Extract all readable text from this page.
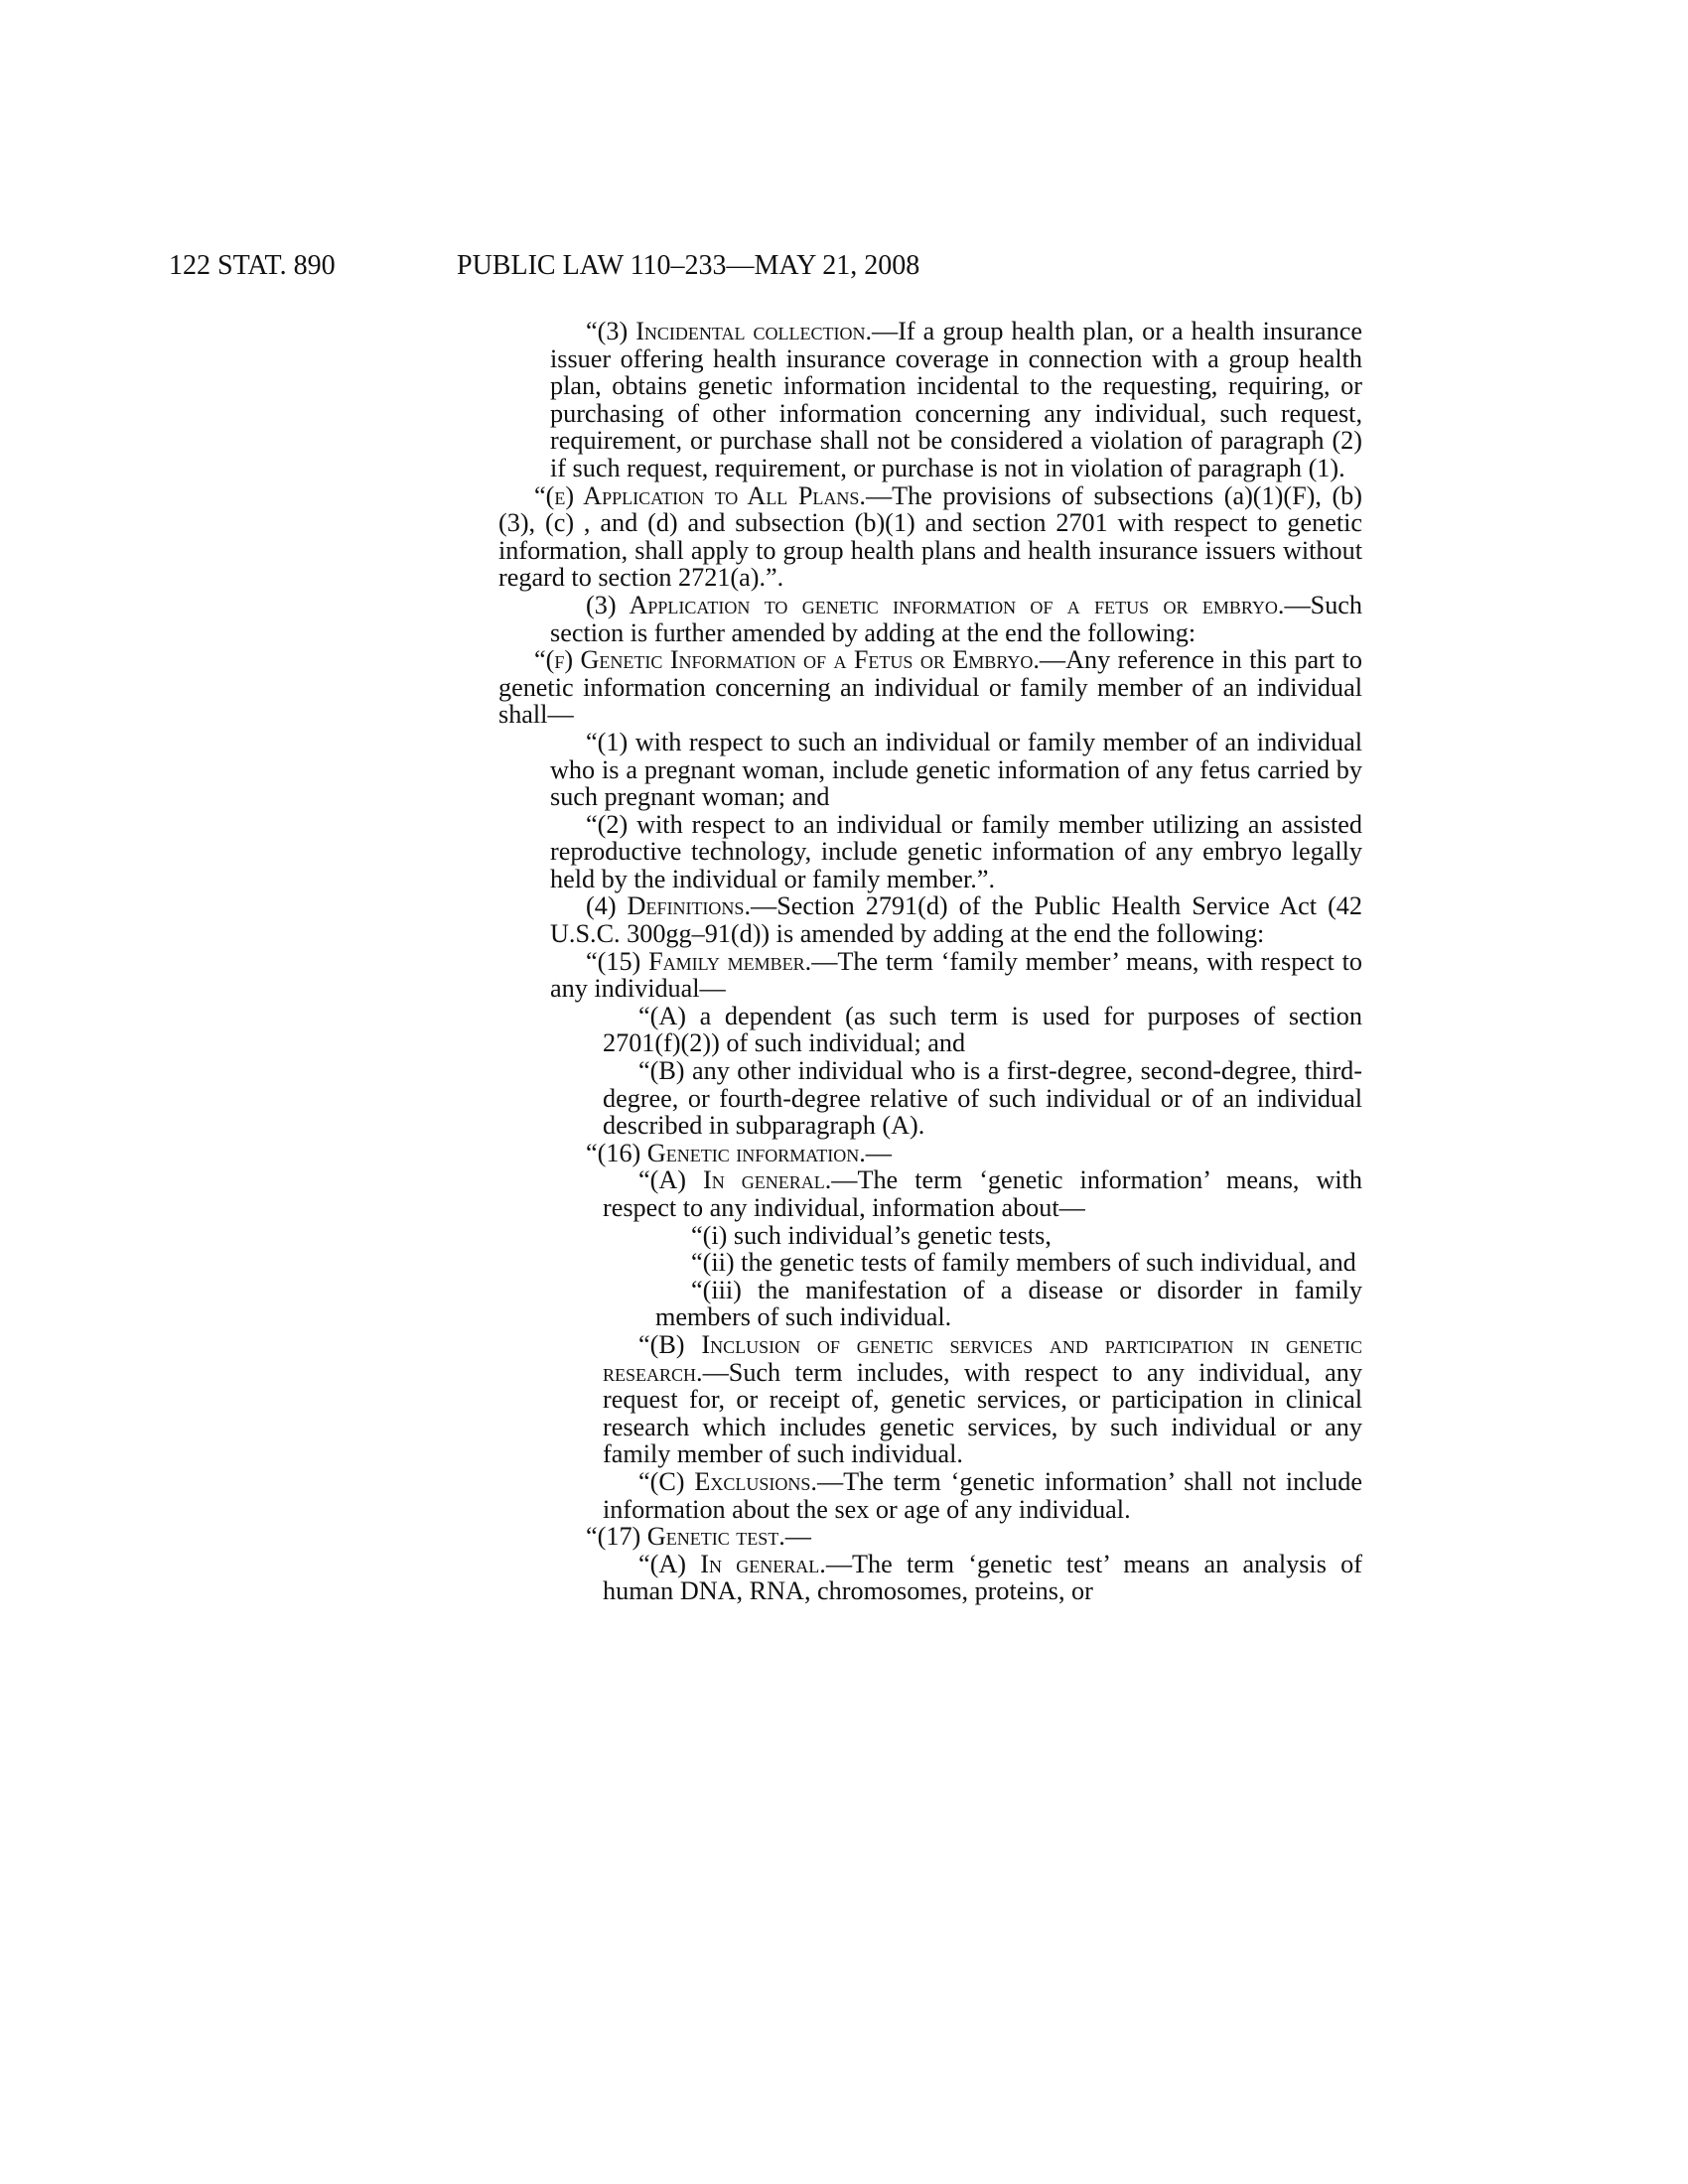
122 STAT. 890	PUBLIC LAW 110–233—MAY 21, 2008

“(3) Incidental collection.—If a group health plan, or a health insurance issuer offering health insurance coverage in connection with a group health plan, obtains genetic information incidental to the requesting, requiring, or purchasing of other information concerning any individual, such request, requirement, or purchase shall not be considered a violation of paragraph (2) if such request, requirement, or purchase is not in violation of paragraph (1).

“(e) Application to All Plans.—The provisions of subsections (a)(1)(F), (b)(3), (c) , and (d) and subsection (b)(1) and section 2701 with respect to genetic information, shall apply to group health plans and health insurance issuers without regard to section 2721(a).”.

(3) Application to genetic information of a fetus or embryo.—Such section is further amended by adding at the end the following:

“(f) Genetic Information of a Fetus or Embryo.—Any reference in this part to genetic information concerning an individual or family member of an individual shall—

“(1) with respect to such an individual or family member of an individual who is a pregnant woman, include genetic information of any fetus carried by such pregnant woman; and

“(2) with respect to an individual or family member utilizing an assisted reproductive technology, include genetic information of any embryo legally held by the individual or family member.”.

(4) Definitions.—Section 2791(d) of the Public Health Service Act (42 U.S.C. 300gg–91(d)) is amended by adding at the end the following:

“(15) Family member.—The term ‘family member’ means, with respect to any individual—

“(A) a dependent (as such term is used for purposes of section 2701(f)(2)) of such individual; and

“(B) any other individual who is a first-degree, second-degree, third-degree, or fourth-degree relative of such individual or of an individual described in subparagraph (A).

“(16) Genetic information.—

“(A) In general.—The term ‘genetic information’ means, with respect to any individual, information about—

“(i) such individual’s genetic tests,

“(ii) the genetic tests of family members of such individual, and

“(iii) the manifestation of a disease or disorder in family members of such individual.

“(B) Inclusion of genetic services and participation in genetic research.—Such term includes, with respect to any individual, any request for, or receipt of, genetic services, or participation in clinical research which includes genetic services, by such individual or any family member of such individual.

“(C) Exclusions.—The term ‘genetic information’ shall not include information about the sex or age of any individual.

“(17) Genetic test.—

“(A) In general.—The term ‘genetic test’ means an analysis of human DNA, RNA, chromosomes, proteins, or
